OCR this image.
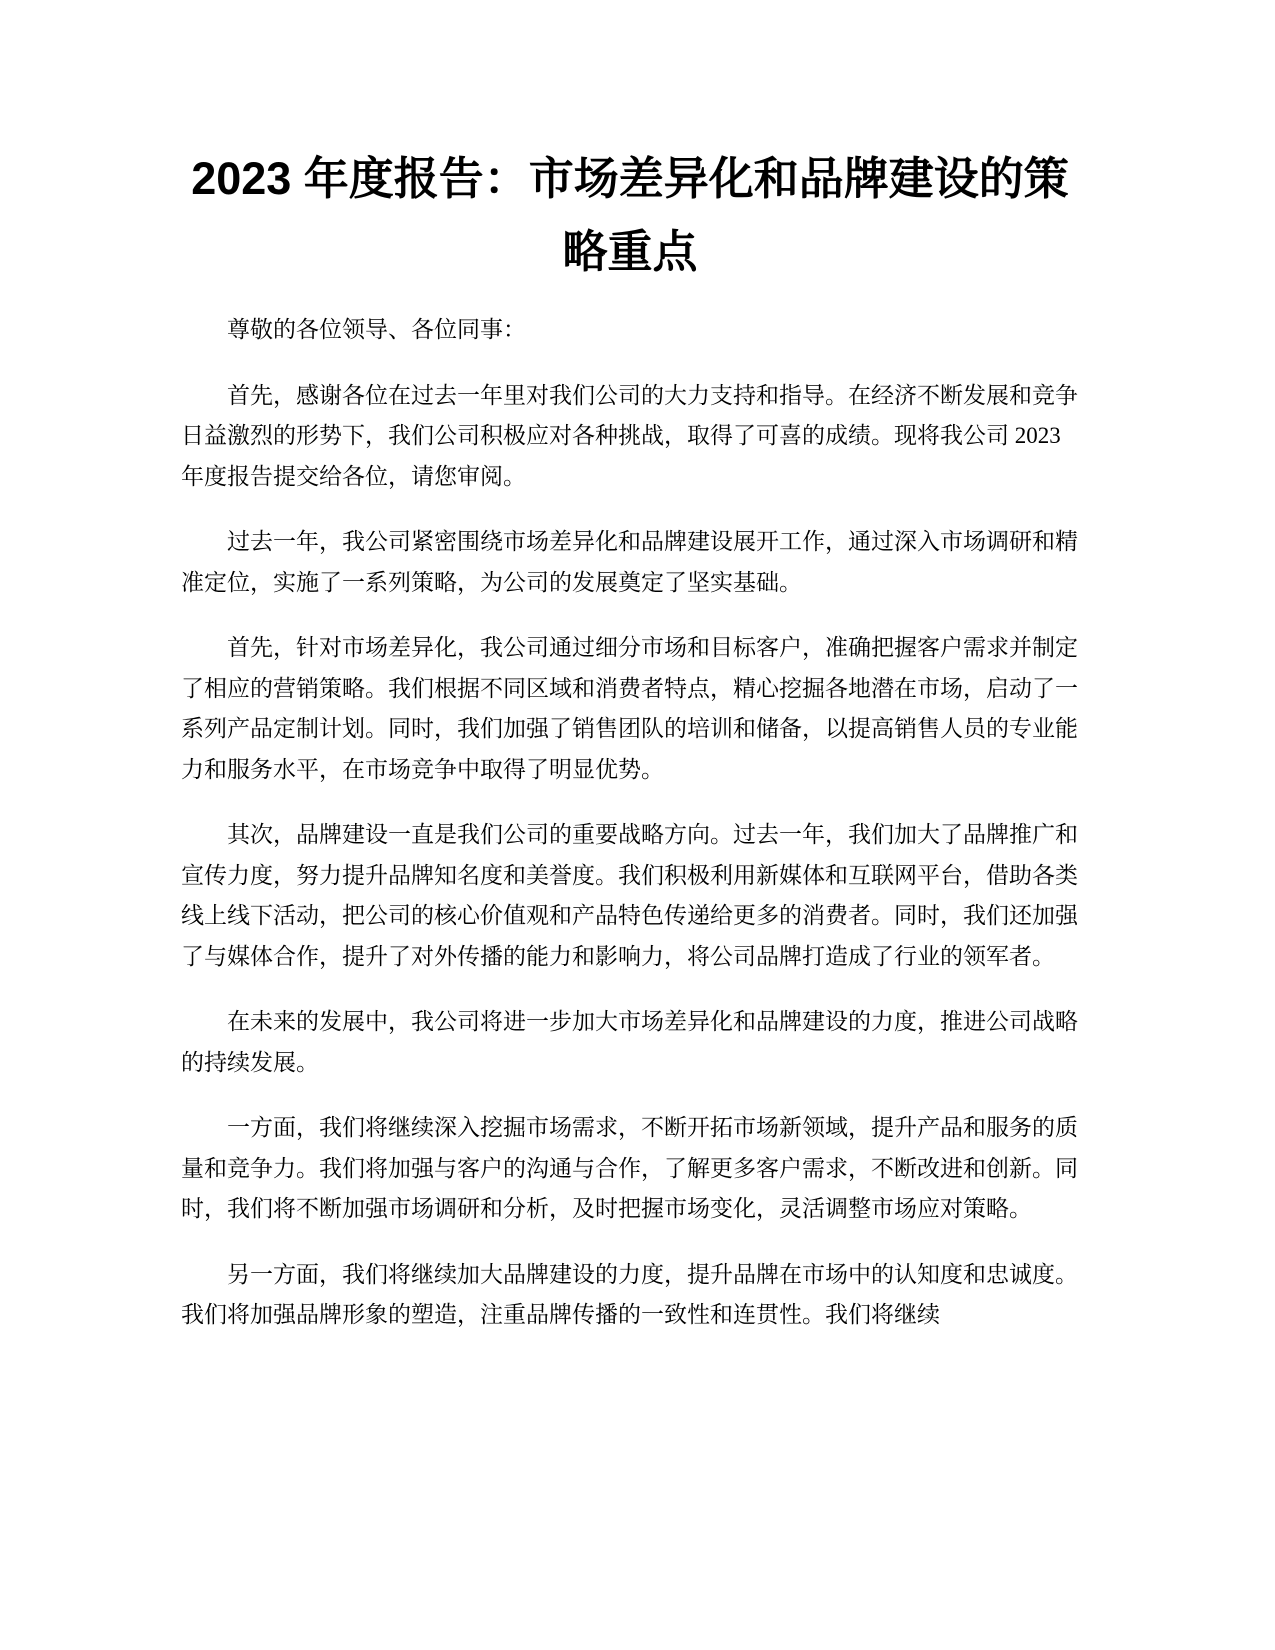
2023 年度报告：市场差异化和品牌建设的策
略重点

尊敬的各位领导、各位同事：

首先，感谢各位在过去一年里对我们公司的大力支持和指导。在经济不断发展和竞争日益激烈的形势下，我们公司积极应对各种挑战，取得了可喜的成绩。现将我公司 2023 年度报告提交给各位，请您审阅。

过去一年，我公司紧密围绕市场差异化和品牌建设展开工作，通过深入市场调研和精准定位，实施了一系列策略，为公司的发展奠定了坚实基础。

首先，针对市场差异化，我公司通过细分市场和目标客户，准确把握客户需求并制定了相应的营销策略。我们根据不同区域和消费者特点，精心挖掘各地潜在市场，启动了一系列产品定制计划。同时，我们加强了销售团队的培训和储备，以提高销售人员的专业能力和服务水平，在市场竞争中取得了明显优势。

其次，品牌建设一直是我们公司的重要战略方向。过去一年，我们加大了品牌推广和宣传力度，努力提升品牌知名度和美誉度。我们积极利用新媒体和互联网平台，借助各类线上线下活动，把公司的核心价值观和产品特色传递给更多的消费者。同时，我们还加强了与媒体合作，提升了对外传播的能力和影响力，将公司品牌打造成了行业的领军者。

在未来的发展中，我公司将进一步加大市场差异化和品牌建设的力度，推进公司战略的持续发展。

一方面，我们将继续深入挖掘市场需求，不断开拓市场新领域，提升产品和服务的质量和竞争力。我们将加强与客户的沟通与合作，了解更多客户需求，不断改进和创新。同时，我们将不断加强市场调研和分析，及时把握市场变化，灵活调整市场应对策略。

另一方面，我们将继续加大品牌建设的力度，提升品牌在市场中的认知度和忠诚度。我们将加强品牌形象的塑造，注重品牌传播的一致性和连贯性。我们将继续
